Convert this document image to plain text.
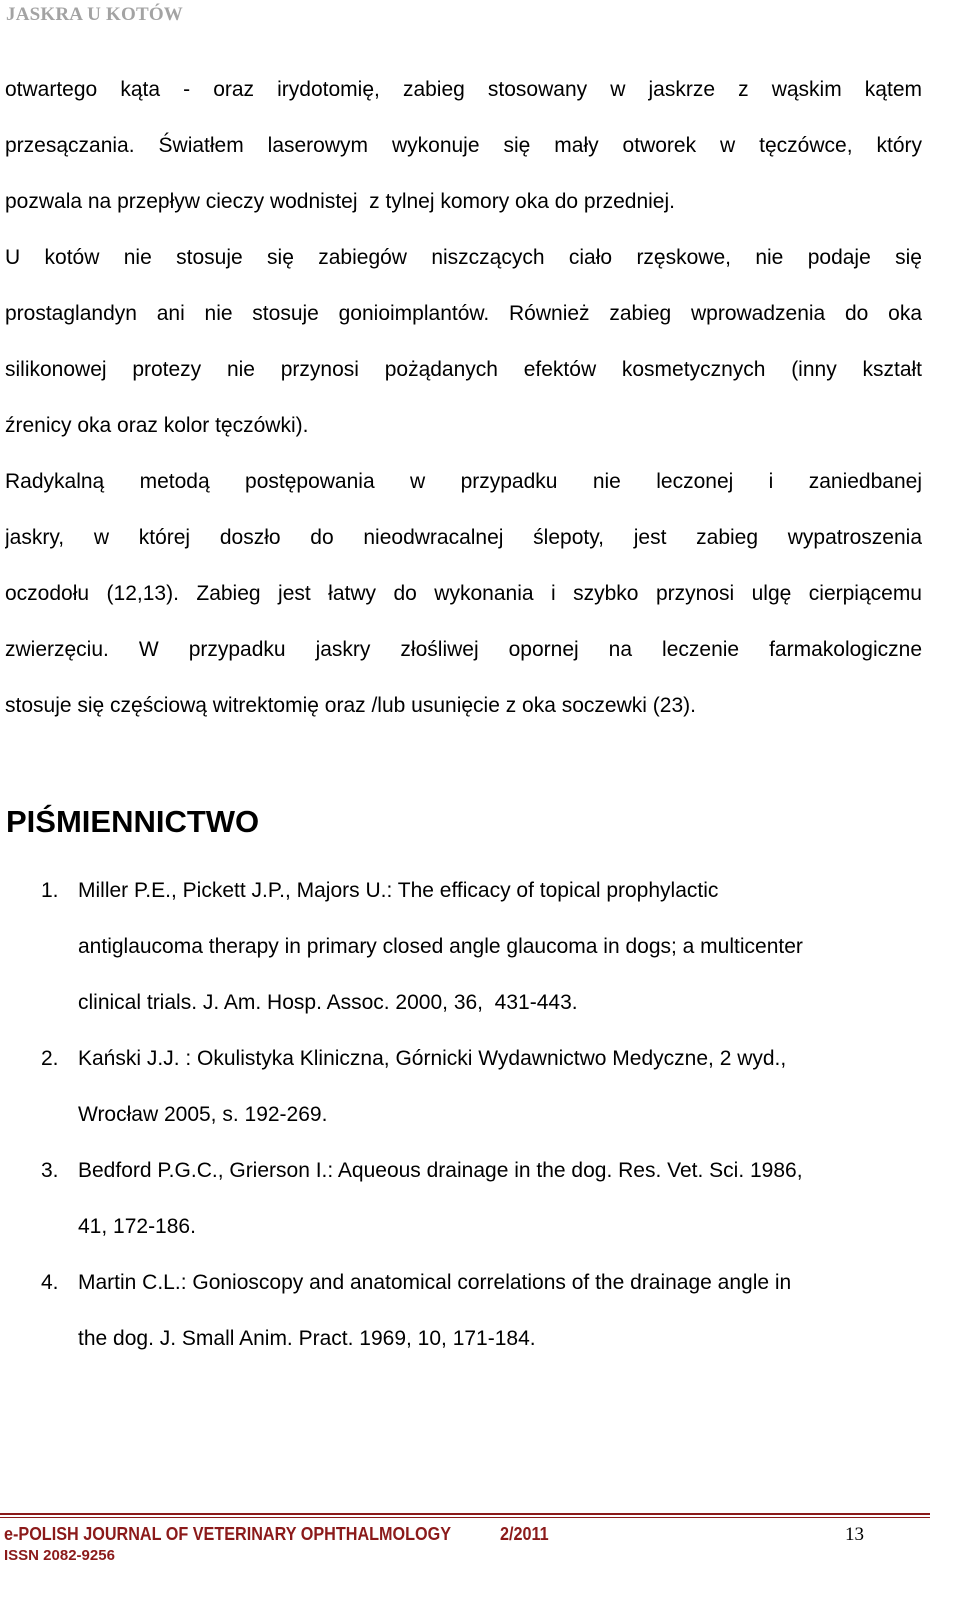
JASKRA U KOTÓW
otwartego kąta - oraz irydotomię, zabieg stosowany w jaskrze z wąskim kątem
przesączania. Światłem laserowym wykonuje się mały otworek w tęczówce, który
pozwala na przepływ cieczy wodnistej  z tylnej komory oka do przedniej.
U kotów nie stosuje się zabiegów niszczących ciało rzęskowe, nie podaje się
prostaglandyn ani nie stosuje gonioimplantów. Również zabieg wprowadzenia do oka
silikonowej protezy nie przynosi pożądanych efektów kosmetycznych (inny kształt
źrenicy oka oraz kolor tęczówki).
Radykalną metodą postępowania w przypadku nie leczonej i zaniedbanej
jaskry, w której doszło do nieodwracalnej ślepoty, jest zabieg wypatroszenia
oczodołu (12,13). Zabieg jest łatwy do wykonania i szybko przynosi ulgę cierpiącemu
zwierzęciu. W przypadku jaskry złośliwej opornej na leczenie farmakologiczne
stosuje się częściową witrektomię oraz /lub usunięcie z oka soczewki (23).
PIŚMIENNICTWO
1. Miller P.E., Pickett J.P., Majors U.: The efficacy of topical prophylactic
antiglaucoma therapy in primary closed angle glaucoma in dogs; a multicenter
clinical trials. J. Am. Hosp. Assoc. 2000, 36,  431-443.
2. Kański J.J. : Okulistyka Kliniczna, Górnicki Wydawnictwo Medyczne, 2 wyd.,
Wrocław 2005, s. 192-269.
3. Bedford P.G.C., Grierson I.: Aqueous drainage in the dog. Res. Vet. Sci. 1986,
41, 172-186.
4. Martin C.L.: Gonioscopy and anatomical correlations of the drainage angle in
the dog. J. Small Anim. Pract. 1969, 10, 171-184.
e-POLISH JOURNAL OF VETERINARY OPHTHALMOLOGY	2/2011	13
ISSN 2082-9256
